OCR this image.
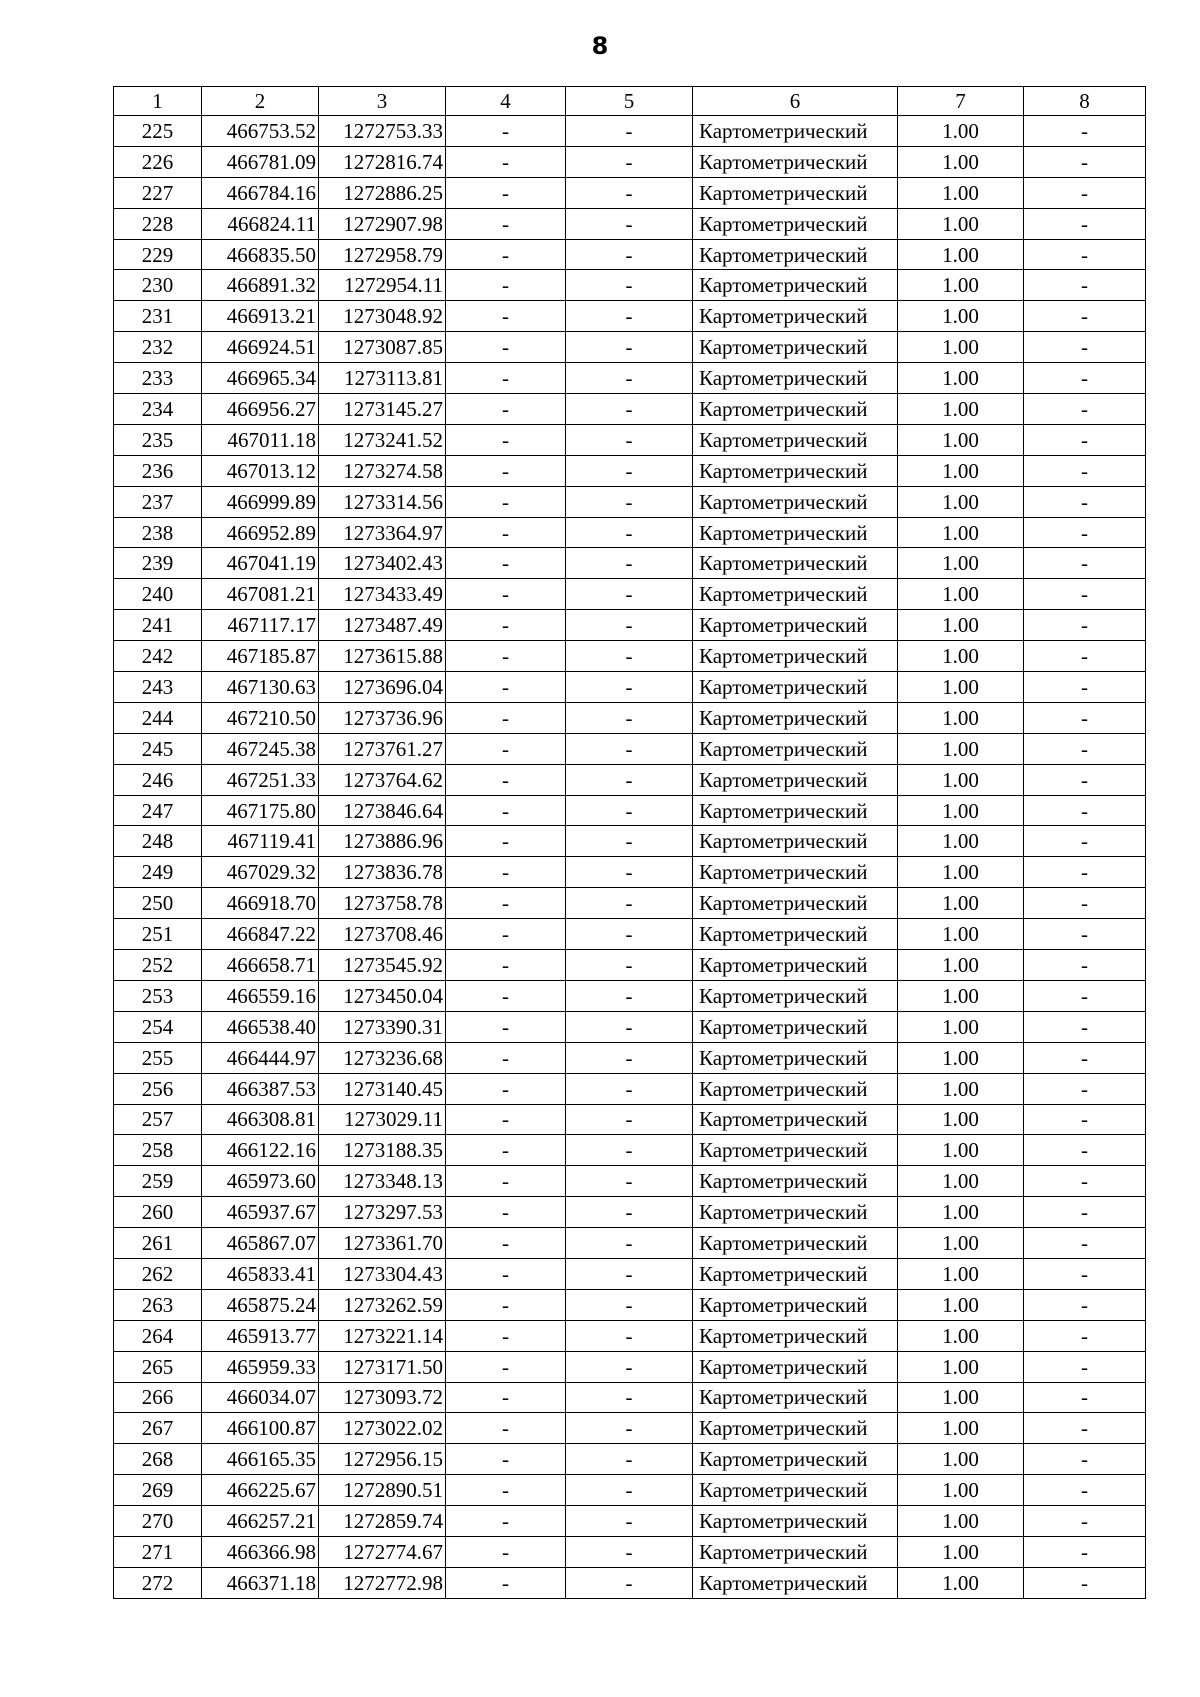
8
1	2	3	4	5	6	7	8
225	466753.52	1272753.33	-	-	Картометрический	1.00	-
226	466781.09	1272816.74	-	-	Картометрический	1.00	-
227	466784.16	1272886.25	-	-	Картометрический	1.00	-
228	466824.11	1272907.98	-	-	Картометрический	1.00	-
229	466835.50	1272958.79	-	-	Картометрический	1.00	-
230	466891.32	1272954.11	-	-	Картометрический	1.00	-
231	466913.21	1273048.92	-	-	Картометрический	1.00	-
232	466924.51	1273087.85	-	-	Картометрический	1.00	-
233	466965.34	1273113.81	-	-	Картометрический	1.00	-
234	466956.27	1273145.27	-	-	Картометрический	1.00	-
235	467011.18	1273241.52	-	-	Картометрический	1.00	-
236	467013.12	1273274.58	-	-	Картометрический	1.00	-
237	466999.89	1273314.56	-	-	Картометрический	1.00	-
238	466952.89	1273364.97	-	-	Картометрический	1.00	-
239	467041.19	1273402.43	-	-	Картометрический	1.00	-
240	467081.21	1273433.49	-	-	Картометрический	1.00	-
241	467117.17	1273487.49	-	-	Картометрический	1.00	-
242	467185.87	1273615.88	-	-	Картометрический	1.00	-
243	467130.63	1273696.04	-	-	Картометрический	1.00	-
244	467210.50	1273736.96	-	-	Картометрический	1.00	-
245	467245.38	1273761.27	-	-	Картометрический	1.00	-
246	467251.33	1273764.62	-	-	Картометрический	1.00	-
247	467175.80	1273846.64	-	-	Картометрический	1.00	-
248	467119.41	1273886.96	-	-	Картометрический	1.00	-
249	467029.32	1273836.78	-	-	Картометрический	1.00	-
250	466918.70	1273758.78	-	-	Картометрический	1.00	-
251	466847.22	1273708.46	-	-	Картометрический	1.00	-
252	466658.71	1273545.92	-	-	Картометрический	1.00	-
253	466559.16	1273450.04	-	-	Картометрический	1.00	-
254	466538.40	1273390.31	-	-	Картометрический	1.00	-
255	466444.97	1273236.68	-	-	Картометрический	1.00	-
256	466387.53	1273140.45	-	-	Картометрический	1.00	-
257	466308.81	1273029.11	-	-	Картометрический	1.00	-
258	466122.16	1273188.35	-	-	Картометрический	1.00	-
259	465973.60	1273348.13	-	-	Картометрический	1.00	-
260	465937.67	1273297.53	-	-	Картометрический	1.00	-
261	465867.07	1273361.70	-	-	Картометрический	1.00	-
262	465833.41	1273304.43	-	-	Картометрический	1.00	-
263	465875.24	1273262.59	-	-	Картометрический	1.00	-
264	465913.77	1273221.14	-	-	Картометрический	1.00	-
265	465959.33	1273171.50	-	-	Картометрический	1.00	-
266	466034.07	1273093.72	-	-	Картометрический	1.00	-
267	466100.87	1273022.02	-	-	Картометрический	1.00	-
268	466165.35	1272956.15	-	-	Картометрический	1.00	-
269	466225.67	1272890.51	-	-	Картометрический	1.00	-
270	466257.21	1272859.74	-	-	Картометрический	1.00	-
271	466366.98	1272774.67	-	-	Картометрический	1.00	-
272	466371.18	1272772.98	-	-	Картометрический	1.00	-
